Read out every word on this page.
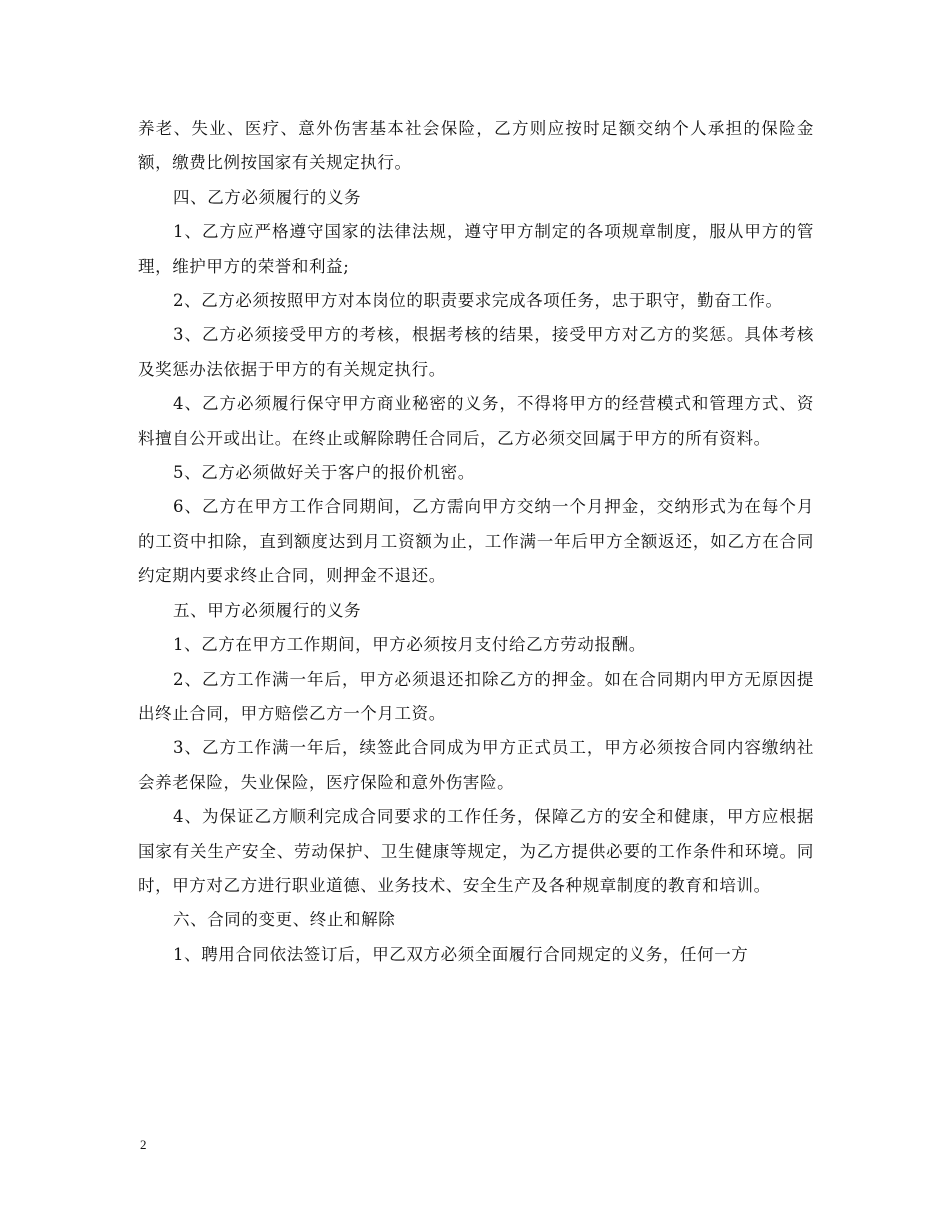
养老、失业、医疗、意外伤害基本社会保险，乙方则应按时足额交纳个人承担的保险金额，缴费比例按国家有关规定执行。

四、乙方必须履行的义务

1、乙方应严格遵守国家的法律法规，遵守甲方制定的各项规章制度，服从甲方的管理，维护甲方的荣誉和利益;

2、乙方必须按照甲方对本岗位的职责要求完成各项任务，忠于职守，勤奋工作。

3、乙方必须接受甲方的考核，根据考核的结果，接受甲方对乙方的奖惩。具体考核及奖惩办法依据于甲方的有关规定执行。

4、乙方必须履行保守甲方商业秘密的义务，不得将甲方的经营模式和管理方式、资料擅自公开或出让。在终止或解除聘任合同后，乙方必须交回属于甲方的所有资料。

5、乙方必须做好关于客户的报价机密。

6、乙方在甲方工作合同期间，乙方需向甲方交纳一个月押金，交纳形式为在每个月的工资中扣除，直到额度达到月工资额为止，工作满一年后甲方全额返还，如乙方在合同约定期内要求终止合同，则押金不退还。

五、甲方必须履行的义务

1、乙方在甲方工作期间，甲方必须按月支付给乙方劳动报酬。

2、乙方工作满一年后，甲方必须退还扣除乙方的押金。如在合同期内甲方无原因提出终止合同，甲方赔偿乙方一个月工资。

3、乙方工作满一年后，续签此合同成为甲方正式员工，甲方必须按合同内容缴纳社会养老保险，失业保险，医疗保险和意外伤害险。

4、为保证乙方顺利完成合同要求的工作任务，保障乙方的安全和健康，甲方应根据国家有关生产安全、劳动保护、卫生健康等规定，为乙方提供必要的工作条件和环境。同时，甲方对乙方进行职业道德、业务技术、安全生产及各种规章制度的教育和培训。

六、合同的变更、终止和解除

1、聘用合同依法签订后，甲乙双方必须全面履行合同规定的义务，任何一方

2
